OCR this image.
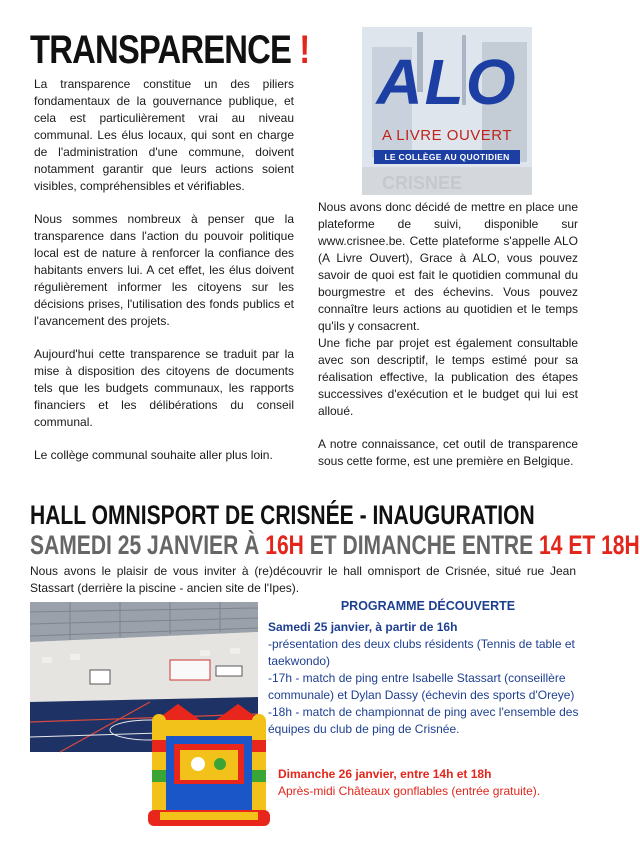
TRANSPARENCE !

La transparence constitue un des piliers fondamentaux de la gouvernance publique, et cela est particulièrement vrai au niveau communal. Les élus locaux, qui sont en charge de l'administration d'une commune, doivent notamment garantir que leurs actions soient visibles, compréhensibles et vérifiables.

Nous sommes nombreux à penser que la transparence dans l'action du pouvoir politique local est de nature à renforcer la confiance des habitants envers lui. A cet effet, les élus doivent régulièrement informer les citoyens sur les décisions prises, l'utilisation des fonds publics et l'avancement des projets.

Aujourd'hui cette transparence se traduit par la mise à disposition des citoyens de documents tels que les budgets communaux, les rapports financiers et les délibérations du conseil communal.

Le collège communal souhaite aller plus loin.

CRISNEE
ALO
A LIVRE OUVERT
LE COLLÈGE AU QUOTIDIEN

Nous avons donc décidé de mettre en place une plateforme de suivi, disponible sur www.crisnee.be. Cette plateforme s'appelle ALO (A Livre Ouvert), Grace à ALO, vous pouvez savoir de quoi est fait le quotidien communal du bourgmestre et des échevins. Vous pouvez connaître leurs actions au quotidien et le temps qu'ils y consacrent.

Une fiche par projet est également consultable avec son descriptif, le temps estimé pour sa réalisation effective, la publication des étapes successives d'exécution et le budget qui lui est alloué.

A notre connaissance, cet outil de transparence sous cette forme, est une première en Belgique.

HALL OMNISPORT DE CRISNÉE - INAUGURATION
SAMEDI 25 JANVIER À 16H ET DIMANCHE ENTRE 14 ET 18H
Nous avons le plaisir de vous inviter à (re)découvrir le hall omnisport de Crisnée, situé rue Jean Stassart (derrière la piscine - ancien site de l'Ipes).
PROGRAMME DÉCOUVERTE
Samedi 25 janvier, à partir de 16h

-présentation des deux clubs résidents (Tennis de table et taekwondo)

-17h - match de ping entre Isabelle Stassart (conseillère communale) et Dylan Dassy (échevin des sports d'Oreye)

-18h - match de championnat de ping avec l'ensemble des équipes du club de ping de Crisnée.

Dimanche 26 janvier, entre 14h et 18h
Après-midi Châteaux gonflables (entrée gratuite).
